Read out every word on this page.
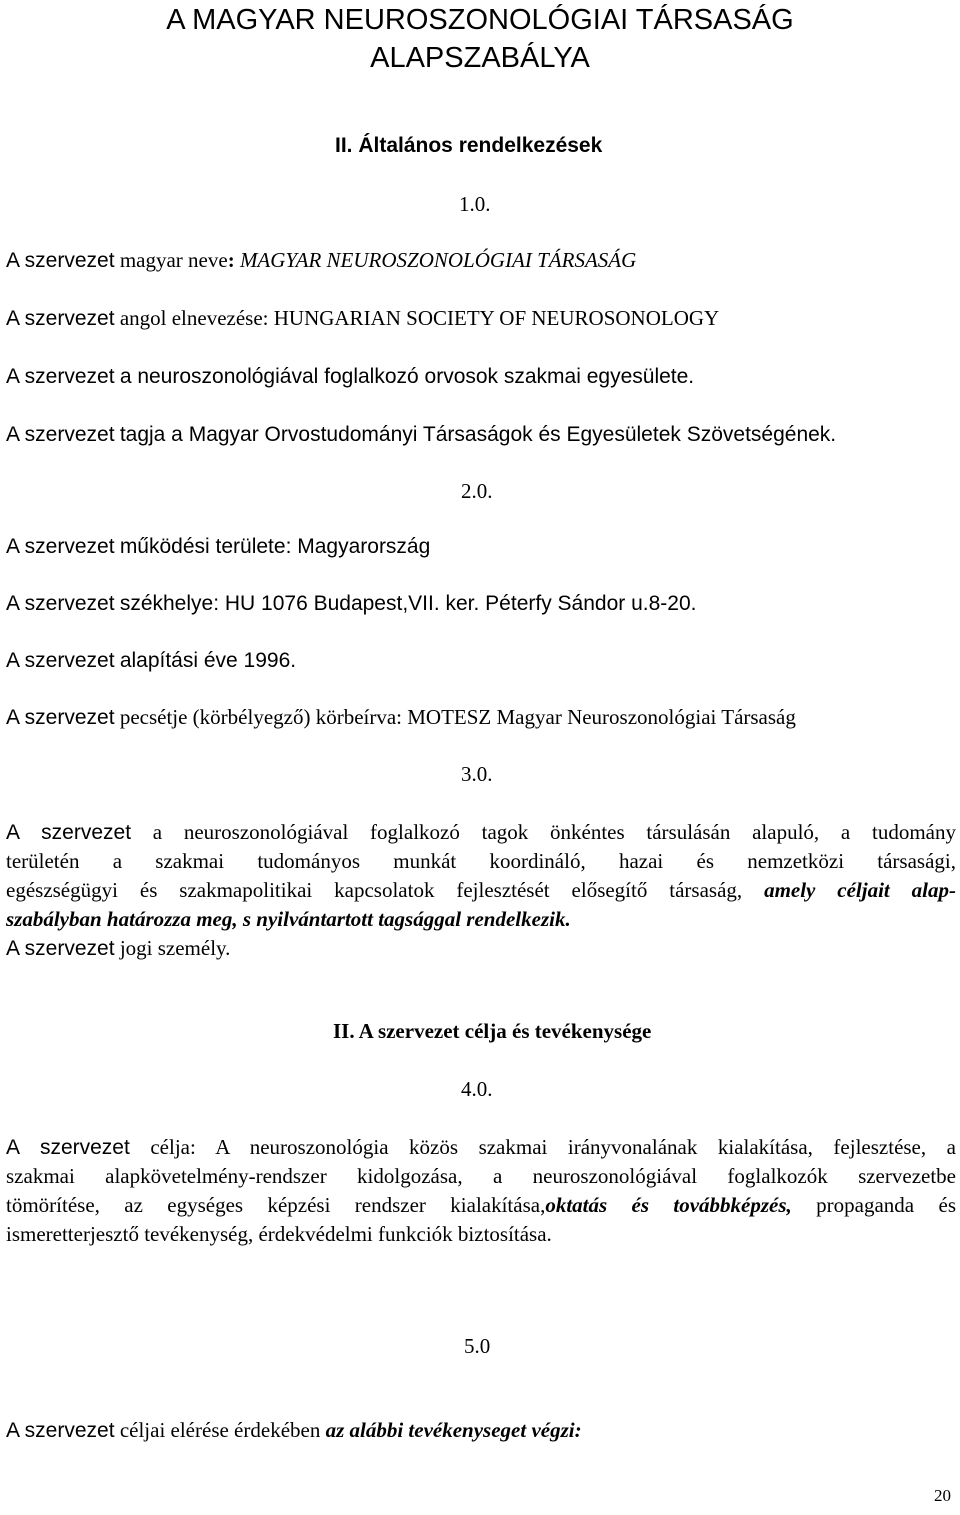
A MAGYAR NEUROSZONOLÓGIAI TÁRSASÁG
ALAPSZABÁLYA
II. Általános rendelkezések
1.0.
A szervezet magyar neve: MAGYAR NEUROSZONOLÓGIAI TÁRSASÁG
A szervezet angol elnevezése: HUNGARIAN SOCIETY OF NEUROSONOLOGY
A szervezet a neuroszonológiával foglalkozó orvosok szakmai egyesülete.
A szervezet tagja a Magyar Orvostudományi Társaságok és Egyesületek Szövetségének.
2.0.
A szervezet működési területe: Magyarország
A szervezet székhelye: HU 1076 Budapest,VII. ker. Péterfy Sándor u.8-20.
A szervezet alapítási éve 1996.
A szervezet pecsétje (körbélyegző) körbeírva: MOTESZ Magyar Neuroszonológiai Társaság
3.0.
A szervezet a neuroszonológiával foglalkozó tagok önkéntes társulásán alapuló, a tudomány
területén a szakmai tudományos munkát koordináló, hazai és nemzetközi társasági,
egészségügyi és szakmapolitikai kapcsolatok fejlesztését elősegítő társaság, amely céljait alap-
szabályban határozza meg, s nyilvántartott tagsággal rendelkezik.
A szervezet jogi személy.
II. A szervezet célja és tevékenysége
4.0.
A szervezet célja: A neuroszonológia közös szakmai irányvonalának kialakítása, fejlesztése, a
szakmai alapkövetelmény-rendszer kidolgozása, a neuroszonológiával foglalkozók szervezetbe
tömörítése, az egységes képzési rendszer kialakítása,oktatás és továbbképzés, propaganda és
ismeretterjesztő tevékenység, érdekvédelmi funkciók biztosítása.
5.0
A szervezet céljai elérése érdekében az alábbi tevékenyseget végzi:
20
